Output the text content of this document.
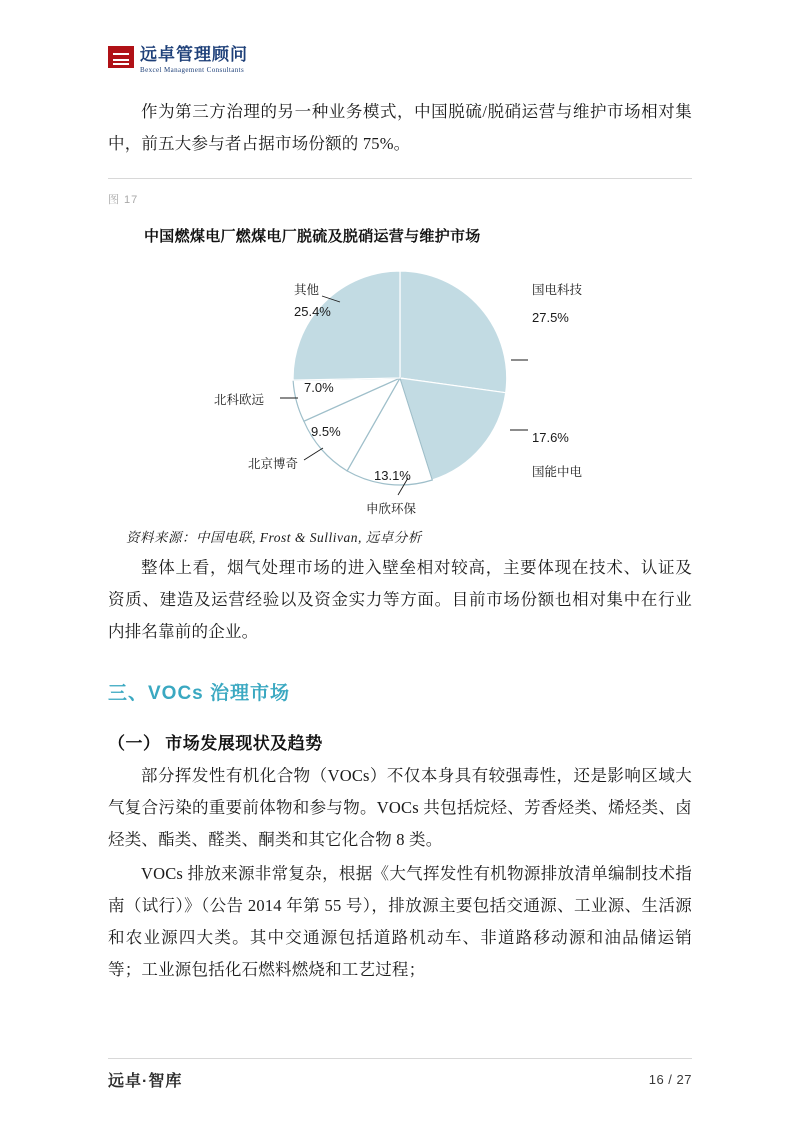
远卓管理顾问
Bexcel Management Consultants

作为第三方治理的另一种业务模式，中国脱硫/脱硝运营与维护市场相对集中，前五大参与者占据市场份额的 75%。

图 17

中国燃煤电厂燃煤电厂脱硫及脱硝运营与维护市场

国电科技
27.5%
国能中电
17.6%
申欣环保
13.1%
北京博奇
9.5%
北科欧远
7.0%
其他
25.4%

资料来源：中国电联, Frost & Sullivan, 远卓分析

整体上看，烟气处理市场的进入壁垒相对较高，主要体现在技术、认证及资质、建造及运营经验以及资金实力等方面。目前市场份额也相对集中在行业内排名靠前的企业。

三、VOCs 治理市场
（一） 市场发展现状及趋势

部分挥发性有机化合物（VOCs）不仅本身具有较强毒性，还是影响区域大气复合污染的重要前体物和参与物。VOCs 共包括烷烃、芳香烃类、烯烃类、卤烃类、酯类、醛类、酮类和其它化合物 8 类。

VOCs 排放来源非常复杂，根据《大气挥发性有机物源排放清单编制技术指南（试行）》（公告 2014 年第 55 号），排放源主要包括交通源、工业源、生活源和农业源四大类。其中交通源包括道路机动车、非道路移动源和油品储运销等；工业源包括化石燃料燃烧和工艺过程；

远卓·智库	16 / 27
